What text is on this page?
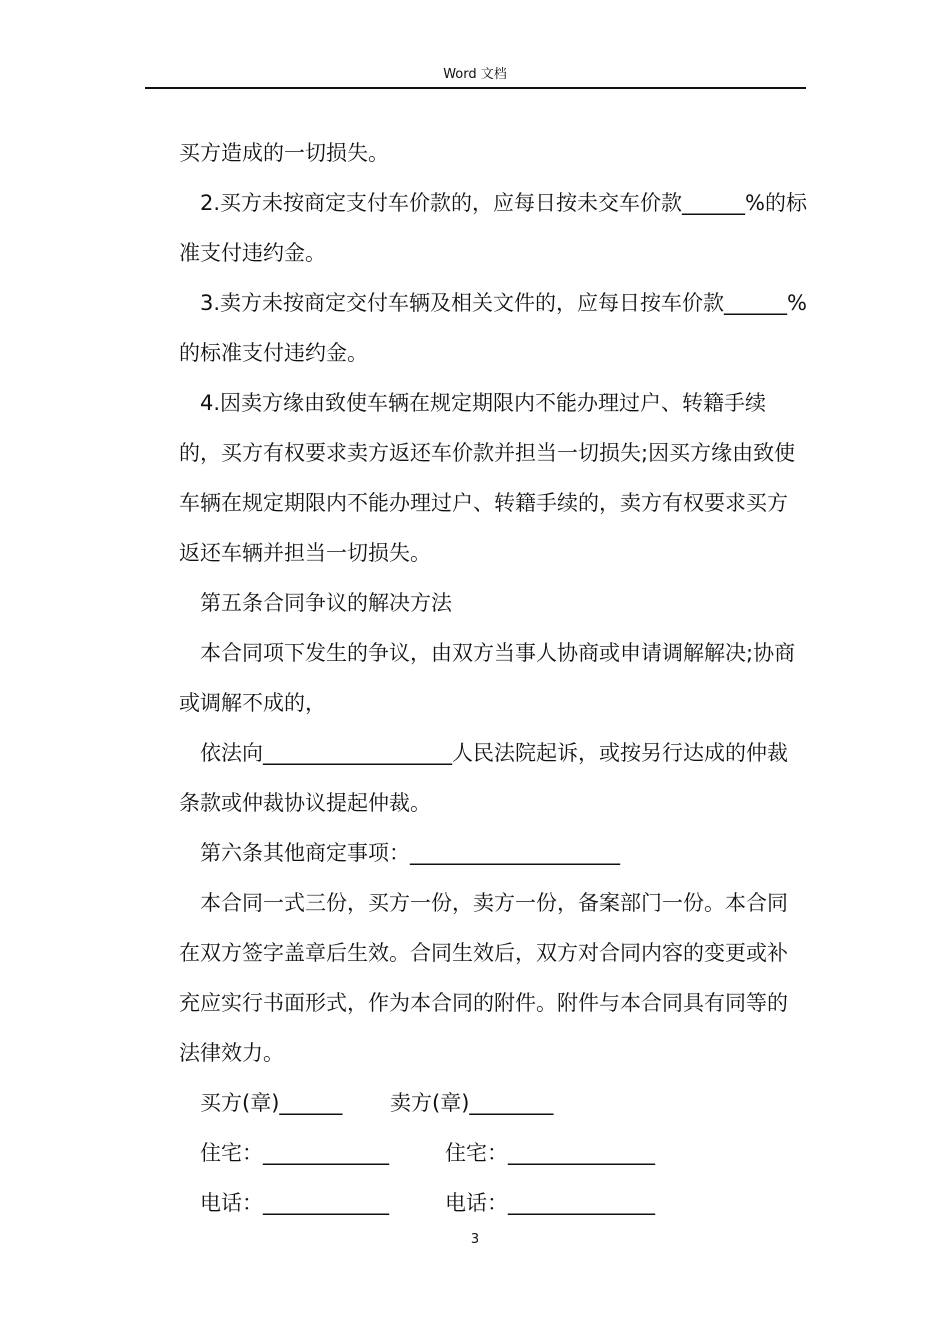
Word 文档

买方造成的一切损失。

2.买方未按商定支付车价款的，应每日按未交车价款______%的标准支付违约金。

3.卖方未按商定交付车辆及相关文件的，应每日按车价款______%的标准支付违约金。

4.因卖方缘由致使车辆在规定期限内不能办理过户、转籍手续的，买方有权要求卖方返还车价款并担当一切损失;因买方缘由致使车辆在规定期限内不能办理过户、转籍手续的，卖方有权要求买方返还车辆并担当一切损失。

第五条合同争议的解决方法

本合同项下发生的争议，由双方当事人协商或申请调解解决;协商或调解不成的，

依法向__________________人民法院起诉，或按另行达成的仲裁条款或仲裁协议提起仲裁。

第六条其他商定事项：____________________

本合同一式三份，买方一份，卖方一份，备案部门一份。本合同在双方签字盖章后生效。合同生效后，双方对合同内容的变更或补充应实行书面形式，作为本合同的附件。附件与本合同具有同等的法律效力。

买方(章)______ 卖方(章)________

住宅：____________	住宅：______________

电话：____________	电话：______________

3
